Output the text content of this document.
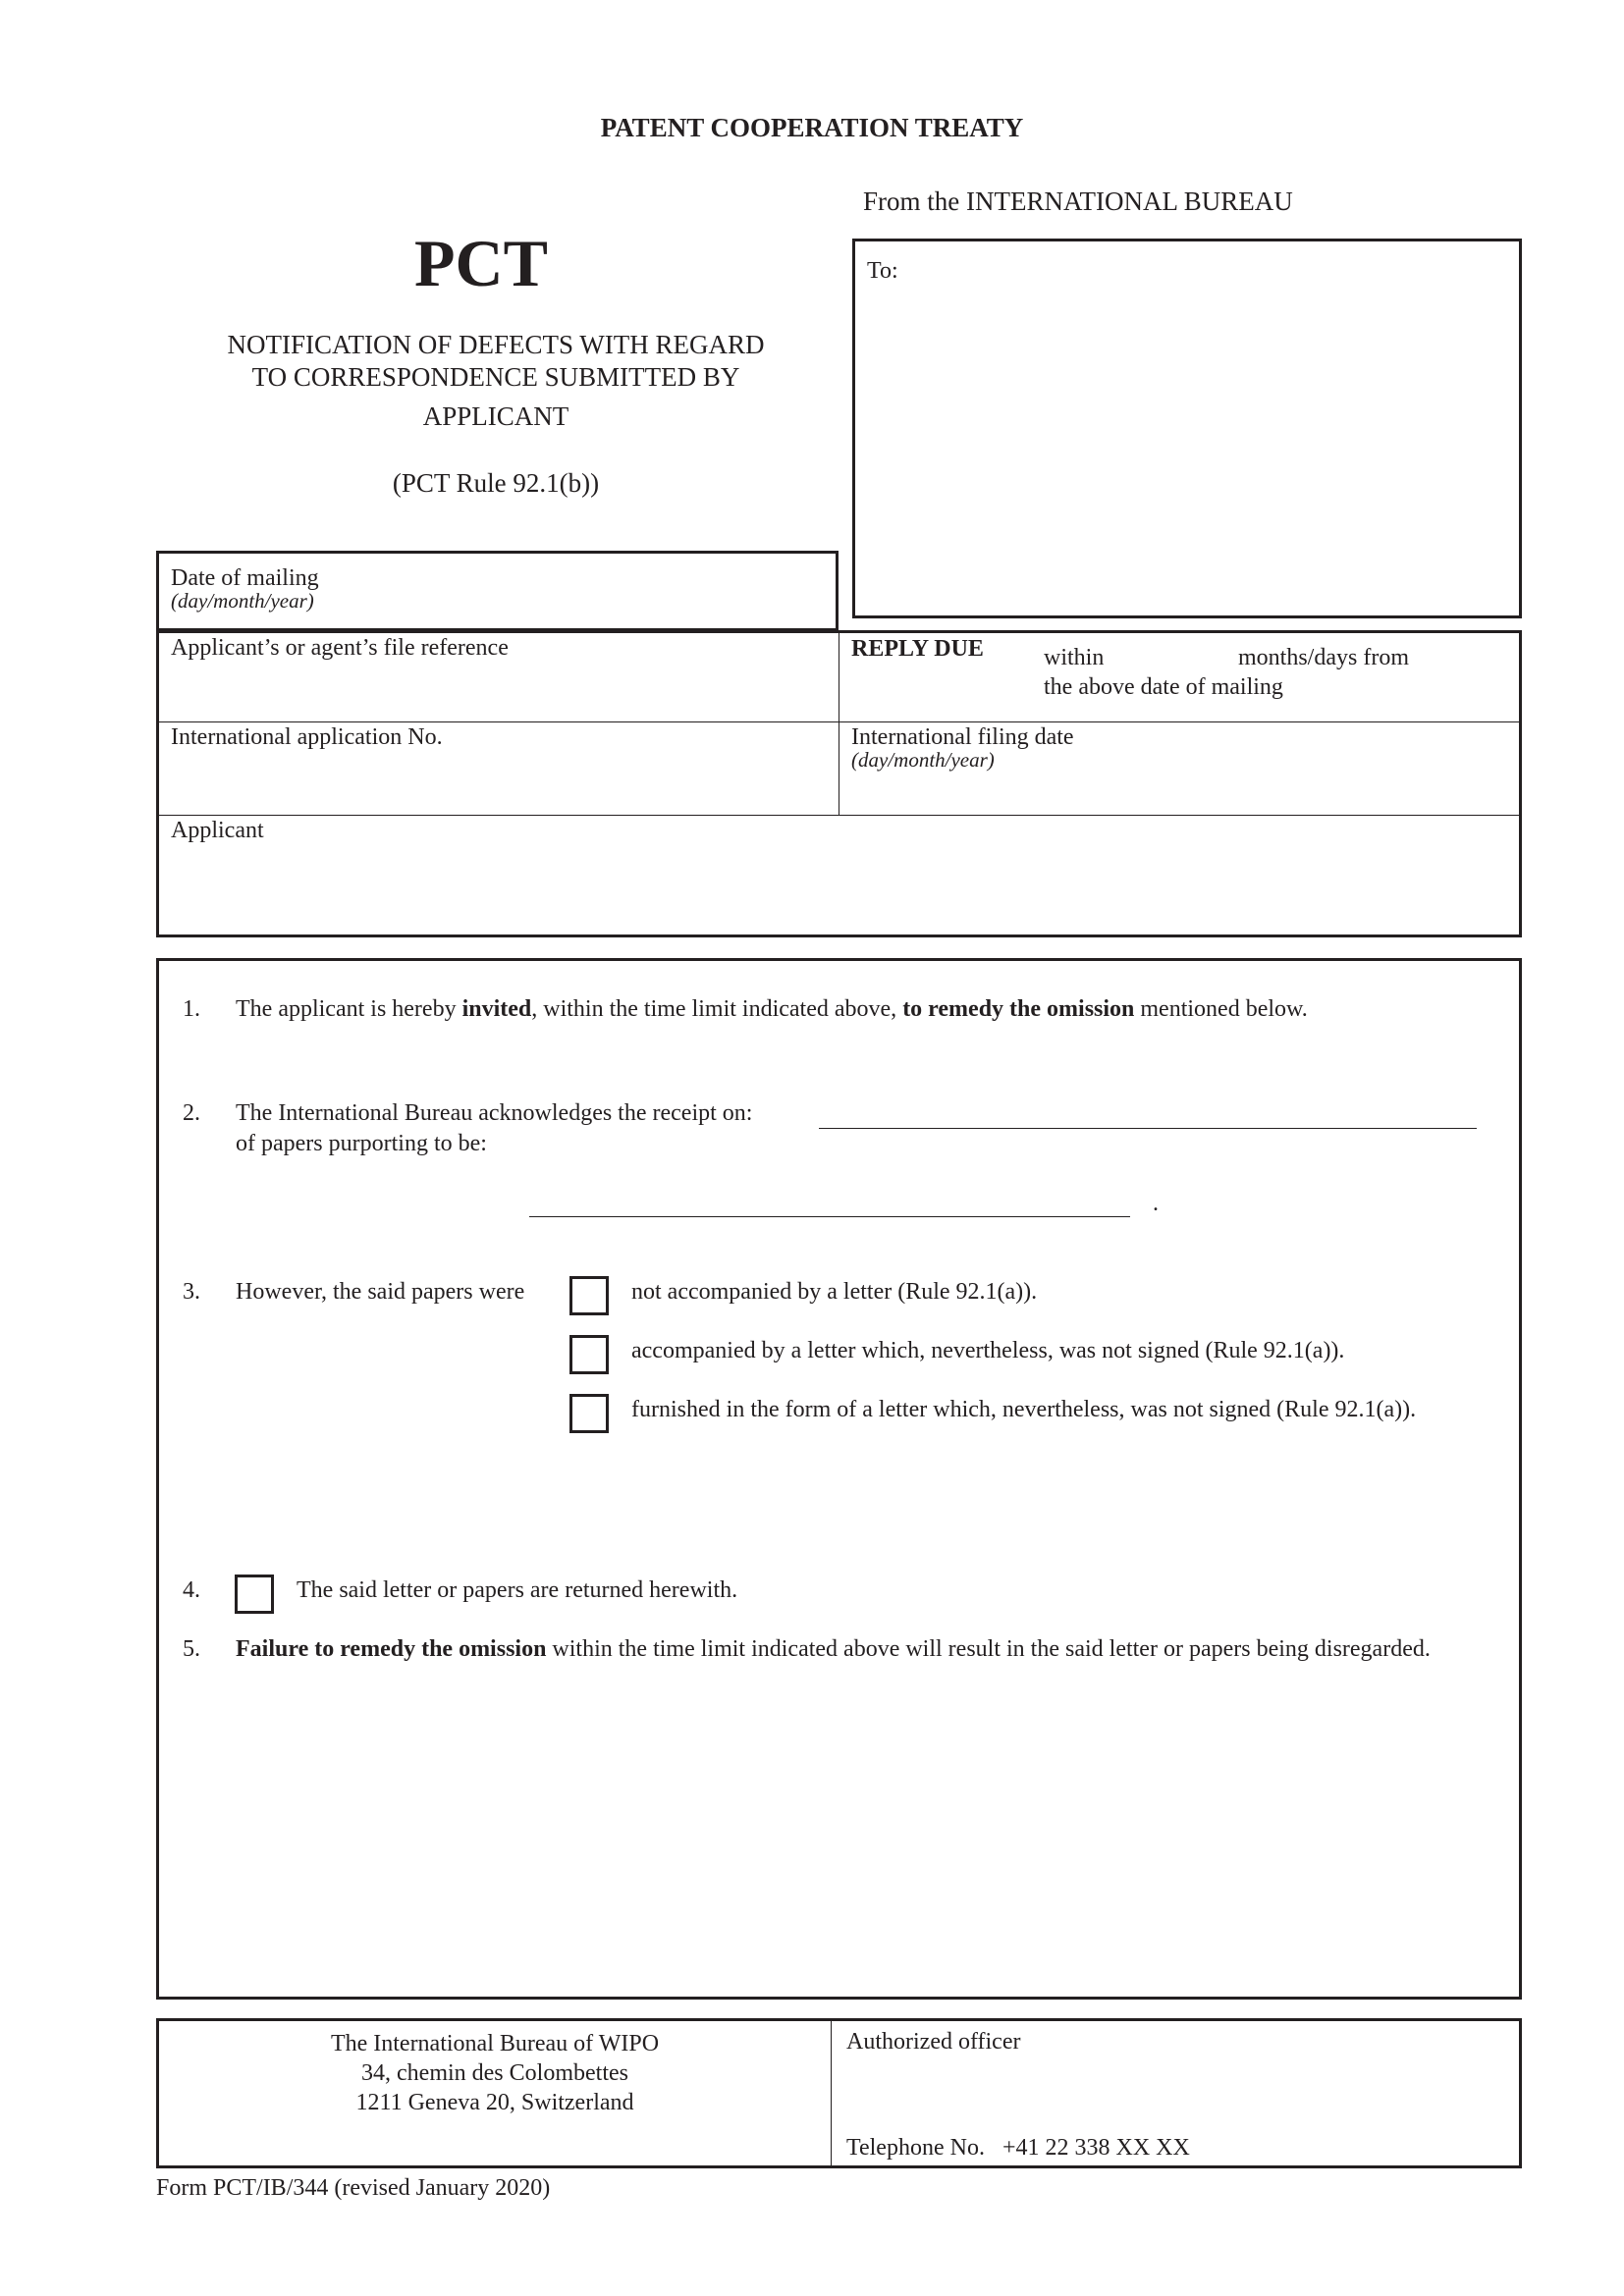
PATENT COOPERATION TREATY
From the INTERNATIONAL BUREAU
PCT
NOTIFICATION OF DEFECTS WITH REGARD
TO CORRESPONDENCE SUBMITTED BY
APPLICANT
(PCT Rule 92.1(b))
To:
Date of mailing
(day/month/year)
Applicant’s or agent’s file reference	REPLY DUE	within	months/days from
the above date of mailing
International application No.	International filing date
(day/month/year)
Applicant
1. The applicant is hereby invited, within the time limit indicated above, to remedy the omission mentioned below.
2. The International Bureau acknowledges the receipt on:
of papers purporting to be:
.
3. However, the said papers were	not accompanied by a letter (Rule 92.1(a)).
accompanied by a letter which, nevertheless, was not signed (Rule 92.1(a)).
furnished in the form of a letter which, nevertheless, was not signed (Rule 92.1(a)).
4.	The said letter or papers are returned herewith.
5. Failure to remedy the omission within the time limit indicated above will result in the said letter or papers being disregarded.
The International Bureau of WIPO
34, chemin des Colombettes
1211 Geneva 20, Switzerland
Authorized officer
Telephone No. +41 22 338 XX XX
Form PCT/IB/344 (revised January 2020)
